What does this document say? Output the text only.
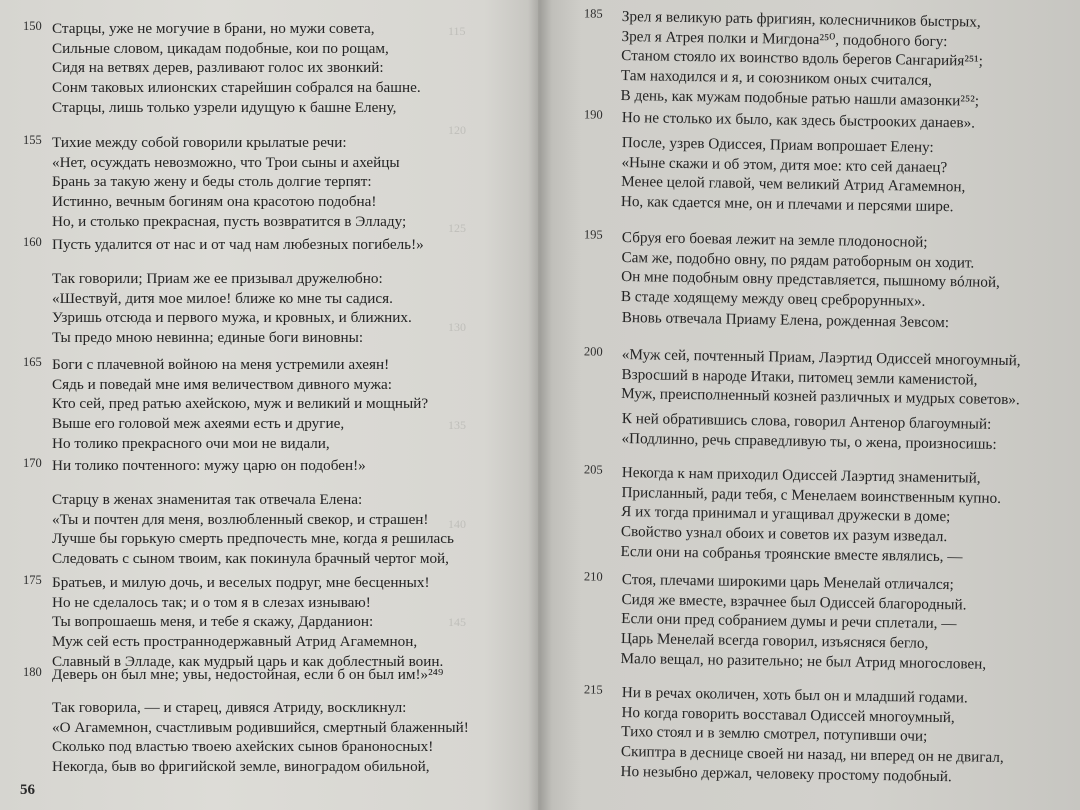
115

120

125

130

135

140

145
150 Старцы, уже не могучие в брани, но мужи совета,
Сильные словом, цикадам подобные, кои по рощам,
Сидя на ветвях дерев, разливают голос их звонкий:
Сонм таковых илионских старейшин собрался на башне.
Старцы, лишь только узрели идущую к башне Елену,
155 Тихие между собой говорили крылатые речи:
«Нет, осуждать невозможно, что Трои сыны и ахейцы
Брань за такую жену и беды столь долгие терпят:
Истинно, вечным богиням она красотою подобна!
Но, и столько прекрасная, пусть возвратится в Элладу;
160 Пусть удалится от нас и от чад нам любезных погибель!»
Так говорили; Приам же ее призывал дружелюбно:
«Шествуй, дитя мое милое! ближе ко мне ты садися.
Узришь отсюда и первого мужа, и кровных, и ближних.
Ты предо мною невинна; единые боги виновны:
165 Боги с плачевной войною на меня устремили ахеян!
Сядь и поведай мне имя величеством дивного мужа:
Кто сей, пред ратью ахейскою, муж и великий и мощный?
Выше его головой меж ахеями есть и другие,
Но толико прекрасного очи мои не видали,
170 Ни толико почтенного: мужу царю он подобен!»
Старцу в женах знаменитая так отвечала Елена:
«Ты и почтен для меня, возлюбленный свекор, и страшен!
Лучше бы горькую смерть предпочесть мне, когда я решилась
Следовать с сыном твоим, как покинула брачный чертог мой,
175 Братьев, и милую дочь, и веселых подруг, мне бесценных!
Но не сделалось так; и о том я в слезах изнываю!
Ты вопрошаешь меня, и тебе я скажу, Дарданион:
Муж сей есть пространнодержавный Атрид Агамемнон,
Славный в Элладе, как мудрый царь и как доблестный воин.
180 Деверь он был мне; увы, недостойная, если б он был им!»²⁴⁹
Так говорила, — и старец, дивяся Атриду, воскликнул:
«О Агамемнон, счастливым родившийся, смертный блаженный!
Сколько под властью твоею ахейских сынов браноносных!
Некогда, быв во фригийской земле, виноградом обильной,
56
185 Зрел я великую рать фригиян, колесничников быстрых,
Зрел я Атрея полки и Мигдона²⁵⁰, подобного богу:
Станом стояло их воинство вдоль берегов Сангарийя²⁵¹;
Там находился и я, и союзником оных считался,
В день, как мужам подобные ратью нашли амазонки²⁵²;
190 Но не столько их было, как здесь быстрооких данаев».
После, узрев Одиссея, Приам вопрошает Елену:
«Ныне скажи и об этом, дитя мое: кто сей данаец?
Менее целой главой, чем великий Атрид Агамемнон,
Но, как сдается мне, он и плечами и персями шире.
195 Сбруя его боевая лежит на земле плодоносной;
Сам же, подобно овну, по рядам ратоборным он ходит.
Он мне подобным овну представляется, пышному вóлной,
В стаде ходящему между овец среброрунных».
Вновь отвечала Приаму Елена, рожденная Зевсом:
200 «Муж сей, почтенный Приам, Лаэртид Одиссей многоумный,
Взросший в народе Итаки, питомец земли каменистой,
Муж, преисполненный козней различных и мудрых советов».
К ней обратившись слова, говорил Антенор благоумный:
«Подлинно, речь справедливую ты, о жена, произносишь:
205 Некогда к нам приходил Одиссей Лаэртид знаменитый,
Присланный, ради тебя, с Менелаем воинственным купно.
Я их тогда принимал и угащивал дружески в доме;
Свойство узнал обоих и советов их разум изведал.
Если они на собранья троянские вместе являлись, —
210 Стоя, плечами широкими царь Менелай отличался;
Сидя же вместе, взрачнее был Одиссей благородный.
Если они пред собранием думы и речи сплетали, —
Царь Менелай всегда говорил, изъясняся бегло,
Мало вещал, но разительно; не был Атрид многословен,
215 Ни в речах околичен, хоть был он и младший годами.
Но когда говорить восставал Одиссей многоумный,
Тихо стоял и в землю смотрел, потупивши очи;
Скиптра в деснице своей ни назад, ни вперед он не двигал,
Но незыбно держал, человеку простому подобный.
